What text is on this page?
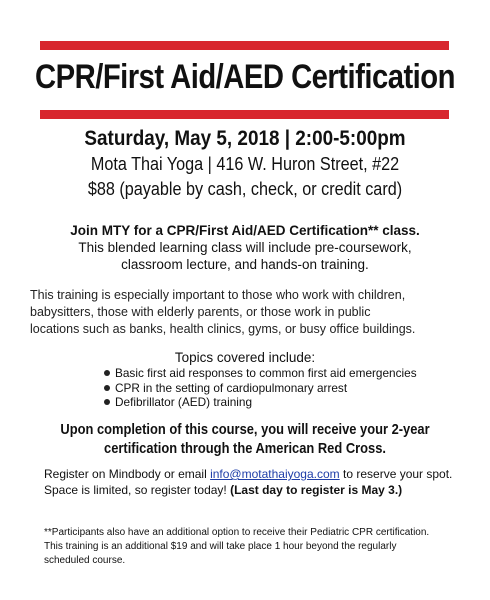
CPR/First Aid/AED Certification
Saturday, May 5, 2018 | 2:00-5:00pm
Mota Thai Yoga | 416 W. Huron Street, #22
$88 (payable by cash, check, or credit card)
Join MTY for a CPR/First Aid/AED Certification** class.
This blended learning class will include pre-coursework,
classroom lecture, and hands-on training.
This training is especially important to those who work with children,
babysitters, those with elderly parents, or those work in public
locations such as banks, health clinics, gyms, or busy office buildings.
Topics covered include:
Basic first aid responses to common first aid emergencies
CPR in the setting of cardiopulmonary arrest
Defibrillator (AED) training
Upon completion of this course, you will receive your 2-year
certification through the American Red Cross.
Register on Mindbody or email info@motathaiyoga.com to reserve your spot.
Space is limited, so register today! (Last day to register is May 3.)
**Participants also have an additional option to receive their Pediatric CPR certification.
This training is an additional $19 and will take place 1 hour beyond the regularly
scheduled course.
